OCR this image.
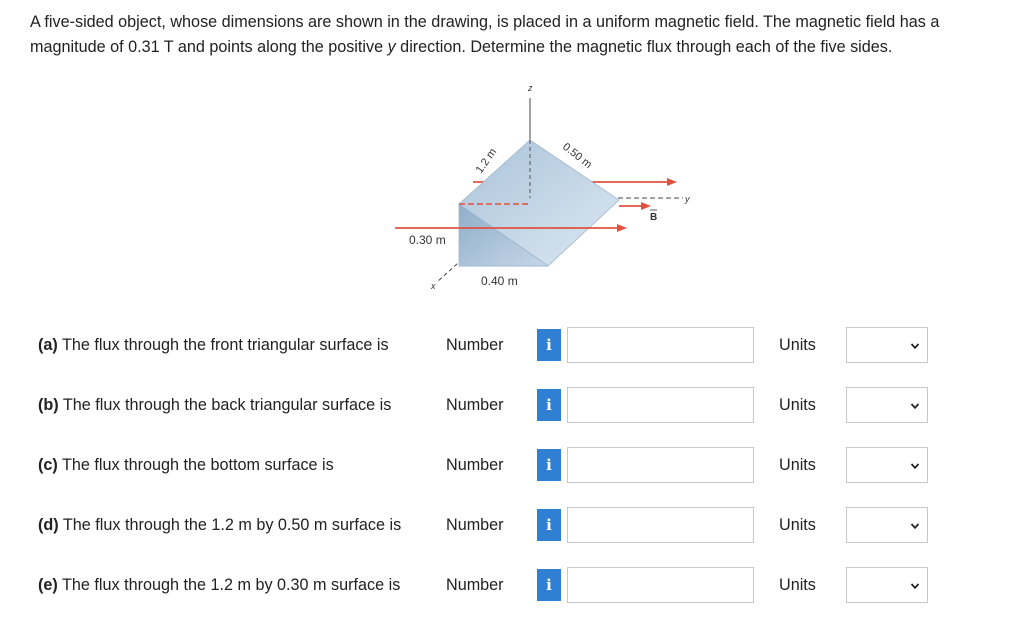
A five-sided object, whose dimensions are shown in the drawing, is placed in a uniform magnetic field. The magnetic field has a magnitude of 0.31 T and points along the positive y direction. Determine the magnetic flux through each of the five sides.
z
y
x
B
1.2 m	0.50 m
0.30 m
0.40 m
(a) The flux through the front triangular surface is	Number	i	Units
(b) The flux through the back triangular surface is	Number	i	Units
(c) The flux through the bottom surface is	Number	i	Units
(d) The flux through the 1.2 m by 0.50 m surface is	Number	i	Units
(e) The flux through the 1.2 m by 0.30 m surface is	Number	i	Units
